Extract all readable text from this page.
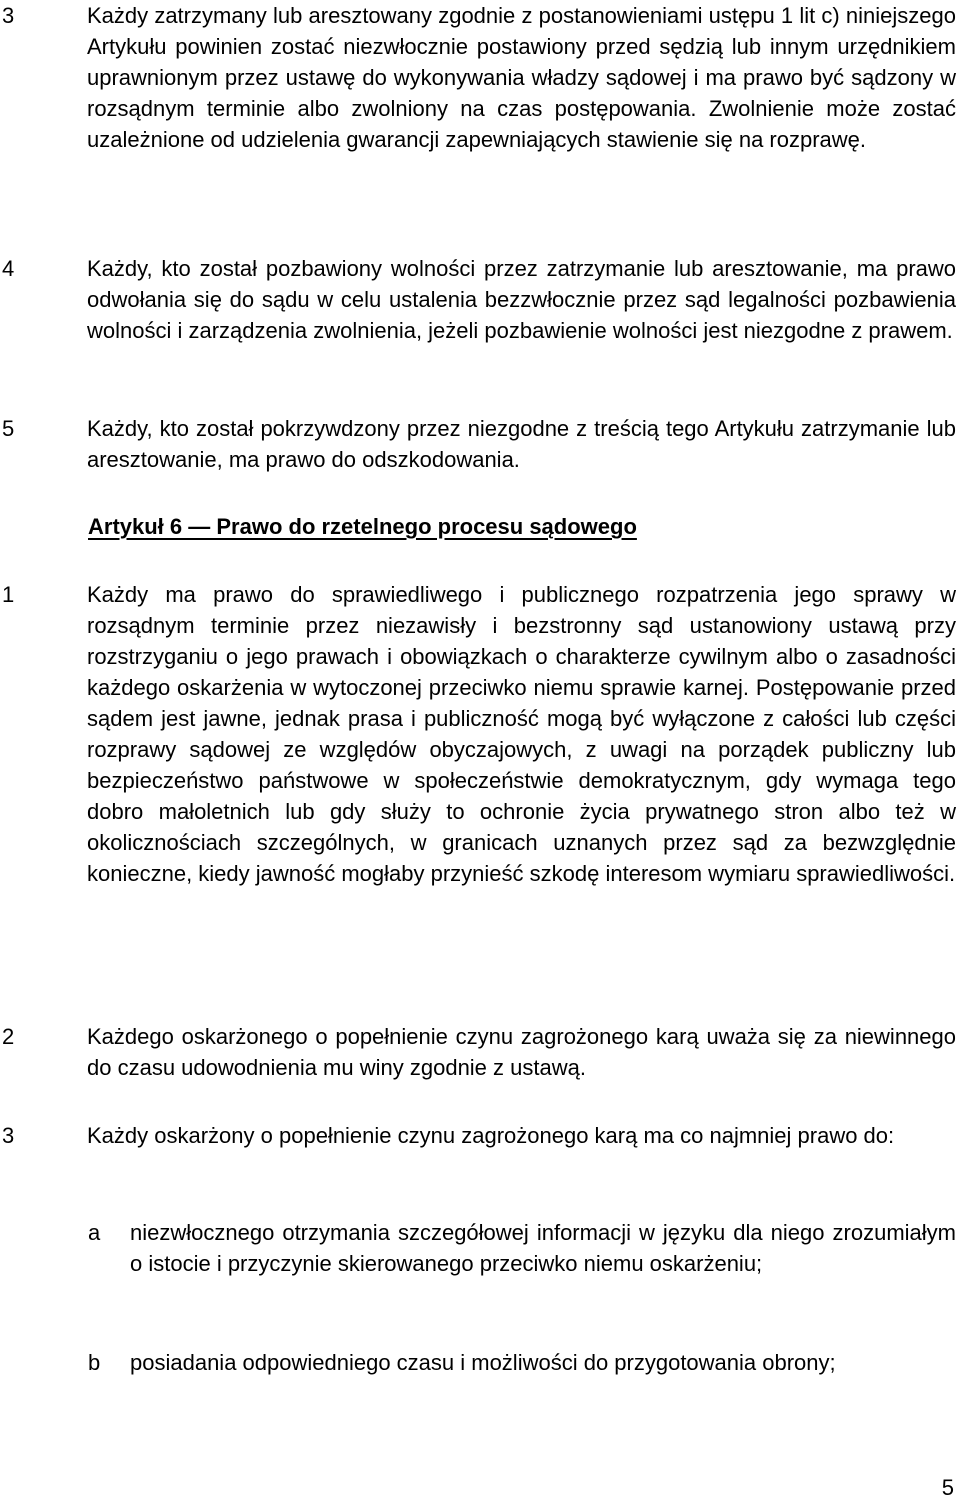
3	Każdy zatrzymany lub aresztowany zgodnie z postanowieniami ustępu 1 lit c) niniejszego Artykułu powinien zostać niezwłocznie postawiony przed sędzią lub innym urzędnikiem uprawnionym przez ustawę do wykonywania władzy sądowej i ma prawo być sądzony w rozsądnym terminie albo zwolniony na czas postępowania. Zwolnienie może zostać uzależnione od udzielenia gwarancji zapewniających stawienie się na rozprawę.
4	Każdy, kto został pozbawiony wolności przez zatrzymanie lub aresztowanie, ma prawo odwołania się do sądu w celu ustalenia bezzwłocznie przez sąd legalności pozbawienia wolności i zarządzenia zwolnienia, jeżeli pozbawienie wolności jest niezgodne z prawem.
5	Każdy, kto został pokrzywdzony przez niezgodne z treścią tego Artykułu zatrzymanie lub aresztowanie, ma prawo do odszkodowania.
Artykuł 6 — Prawo do rzetelnego procesu sądowego
1	Każdy ma prawo do sprawiedliwego i publicznego rozpatrzenia jego sprawy w rozsądnym terminie przez niezawisły i bezstronny sąd ustanowiony ustawą przy rozstrzyganiu o jego prawach i obowiązkach o charakterze cywilnym albo o zasadności każdego oskarżenia w wytoczonej przeciwko niemu sprawie karnej. Postępowanie przed sądem jest jawne, jednak prasa i publiczność mogą być wyłączone z całości lub części rozprawy sądowej ze względów obyczajowych, z uwagi na porządek publiczny lub bezpieczeństwo państwowe w społeczeństwie demokratycznym, gdy wymaga tego dobro małoletnich lub gdy służy to ochronie życia prywatnego stron albo też w okolicznościach szczególnych, w granicach uznanych przez sąd za bezwzględnie konieczne, kiedy jawność mogłaby przynieść szkodę interesom wymiaru sprawiedliwości.
2	Każdego oskarżonego o popełnienie czynu zagrożonego karą uważa się za niewinnego do czasu udowodnienia mu winy zgodnie z ustawą.
3	Każdy oskarżony o popełnienie czynu zagrożonego karą ma co najmniej prawo do:
a niezwłocznego otrzymania szczegółowej informacji w języku dla niego zrozumiałym o istocie i przyczynie skierowanego przeciwko niemu oskarżeniu;
b posiadania odpowiedniego czasu i możliwości do przygotowania obrony;
5
